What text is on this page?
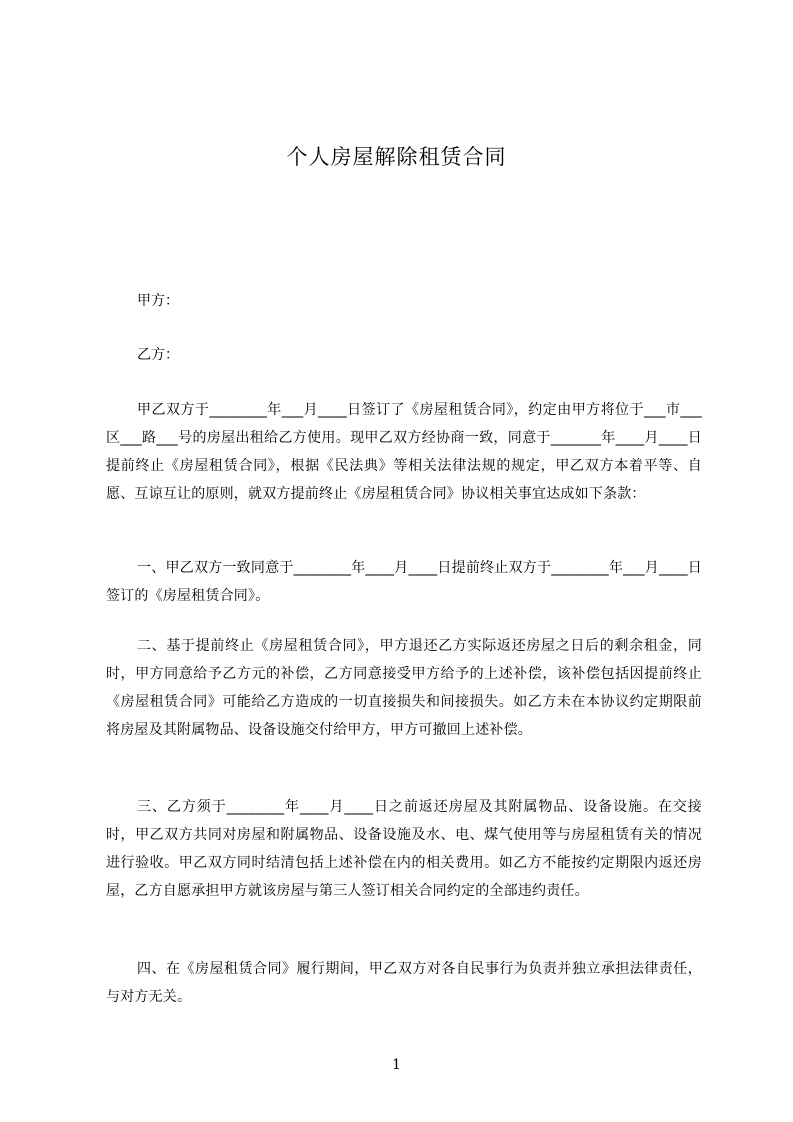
个人房屋解除租赁合同
甲方：
乙方：
甲乙双方于________年___月____日签订了《房屋租赁合同》，约定由甲方将位于___市___区___路___号的房屋出租给乙方使用。现甲乙双方经协商一致，同意于_______年____月____日提前终止《房屋租赁合同》，根据《民法典》等相关法律法规的规定，甲乙双方本着平等、自愿、互谅互让的原则，就双方提前终止《房屋租赁合同》协议相关事宜达成如下条款：
一、甲乙双方一致同意于________年____月____日提前终止双方于________年___月____日签订的《房屋租赁合同》。
二、基于提前终止《房屋租赁合同》，甲方退还乙方实际返还房屋之日后的剩余租金，同时，甲方同意给予乙方元的补偿，乙方同意接受甲方给予的上述补偿，该补偿包括因提前终止《房屋租赁合同》可能给乙方造成的一切直接损失和间接损失。如乙方未在本协议约定期限前将房屋及其附属物品、设备设施交付给甲方，甲方可撤回上述补偿。
三、乙方须于________年____月____日之前返还房屋及其附属物品、设备设施。在交接时，甲乙双方共同对房屋和附属物品、设备设施及水、电、煤气使用等与房屋租赁有关的情况进行验收。甲乙双方同时结清包括上述补偿在内的相关费用。如乙方不能按约定期限内返还房屋，乙方自愿承担甲方就该房屋与第三人签订相关合同约定的全部违约责任。
四、在《房屋租赁合同》履行期间，甲乙双方对各自民事行为负责并独立承担法律责任，与对方无关。
1
